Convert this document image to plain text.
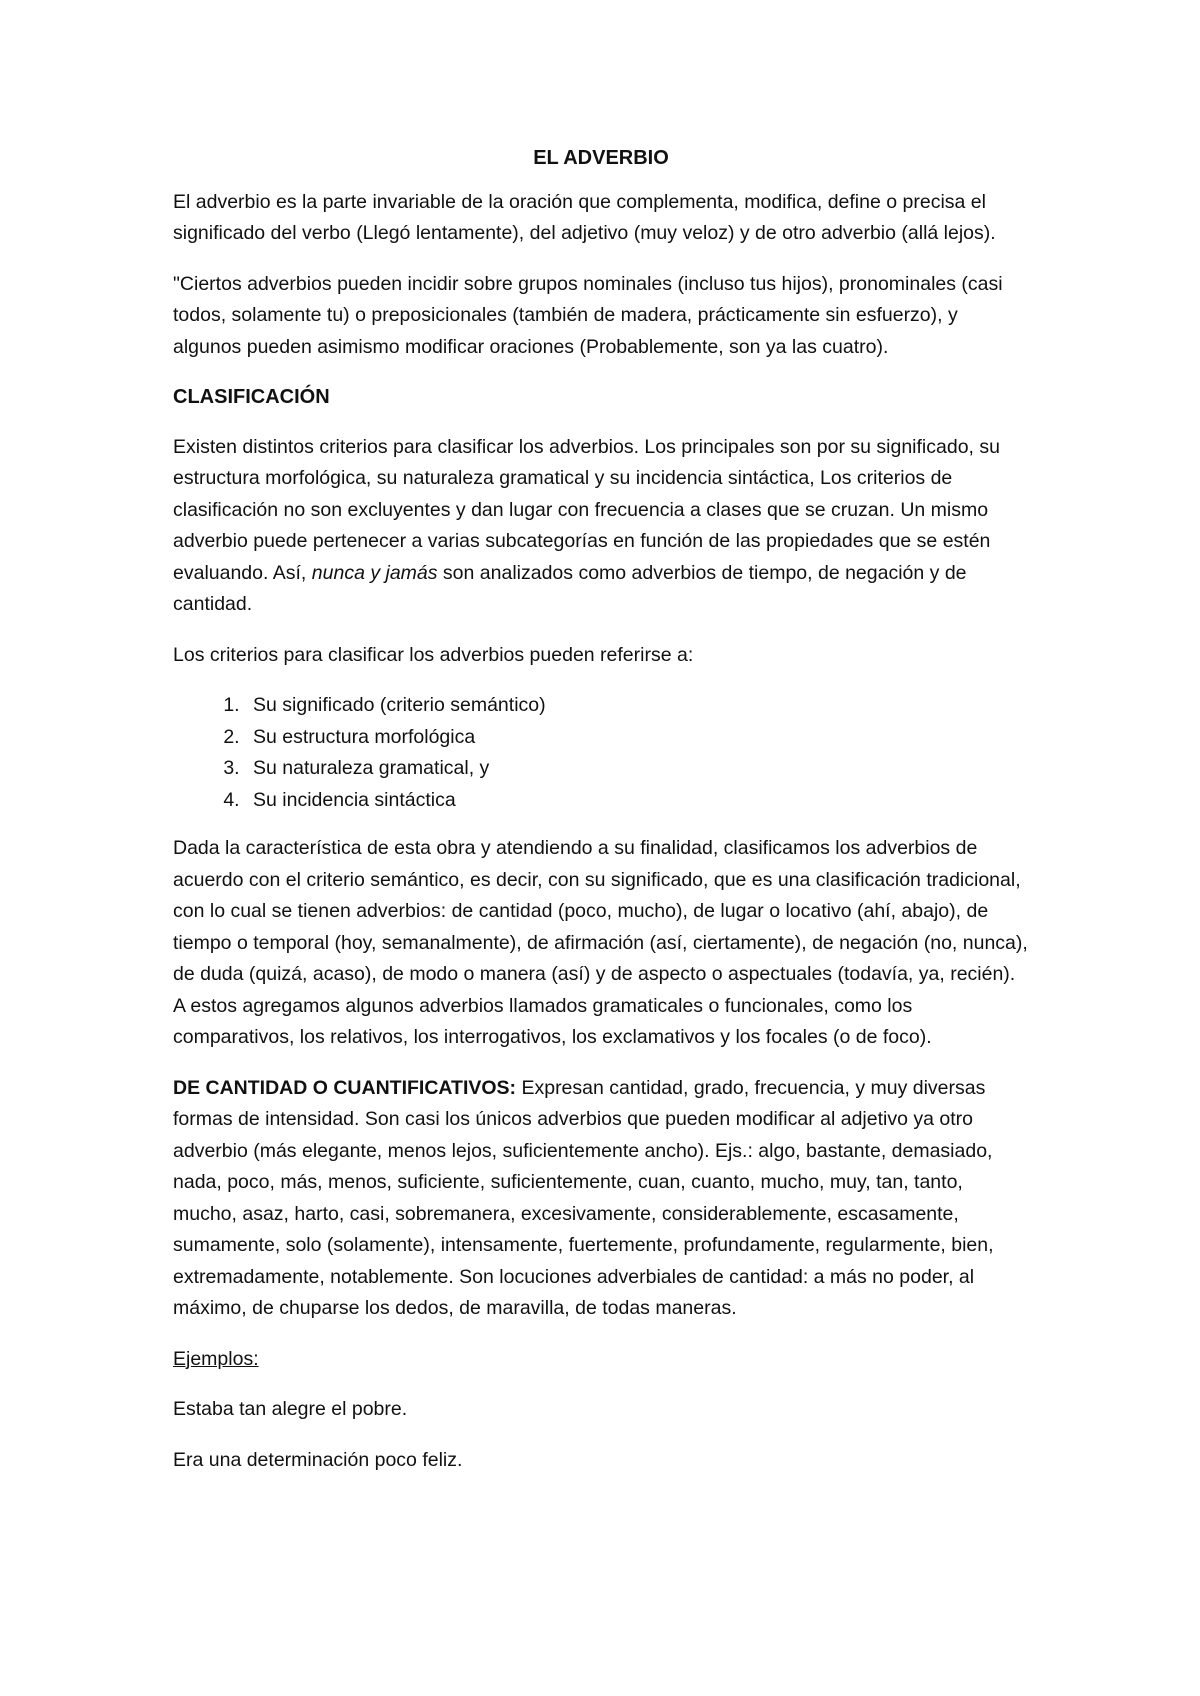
EL ADVERBIO

El adverbio es la parte invariable de la oración que complementa, modifica, define o precisa el significado del verbo (Llegó lentamente), del adjetivo (muy veloz) y de otro adverbio (allá lejos).

"Ciertos adverbios pueden incidir sobre grupos nominales (incluso tus hijos), pronominales (casi todos, solamente tu) o preposicionales (también de madera, prácticamente sin esfuerzo), y algunos pueden asimismo modificar oraciones (Probablemente, son ya las cuatro).

CLASIFICACIÓN

Existen distintos criterios para clasificar los adverbios. Los principales son por su significado, su estructura morfológica, su naturaleza gramatical y su incidencia sintáctica, Los criterios de clasificación no son excluyentes y dan lugar con frecuencia a clases que se cruzan. Un mismo adverbio puede pertenecer a varias subcategorías en función de las propiedades que se estén evaluando. Así, nunca y jamás son analizados como adverbios de tiempo, de negación y de cantidad.

Los criterios para clasificar los adverbios pueden referirse a:

1. Su significado (criterio semántico)
2. Su estructura morfológica
3. Su naturaleza gramatical, y
4. Su incidencia sintáctica

Dada la característica de esta obra y atendiendo a su finalidad, clasificamos los adverbios de acuerdo con el criterio semántico, es decir, con su significado, que es una clasificación tradicional, con lo cual se tienen adverbios: de cantidad (poco, mucho), de lugar o locativo (ahí, abajo), de tiempo o temporal (hoy, semanalmente), de afirmación (así, ciertamente), de negación (no, nunca), de duda (quizá, acaso), de modo o manera (así) y de aspecto o aspectuales (todavía, ya, recién). A estos agregamos algunos adverbios llamados gramaticales o funcionales, como los comparativos, los relativos, los interrogativos, los exclamativos y los focales (o de foco).

DE CANTIDAD O CUANTIFICATIVOS: Expresan cantidad, grado, frecuencia, y muy diversas formas de intensidad. Son casi los únicos adverbios que pueden modificar al adjetivo ya otro adverbio (más elegante, menos lejos, suficientemente ancho). Ejs.: algo, bastante, demasiado, nada, poco, más, menos, suficiente, suficientemente, cuan, cuanto, mucho, muy, tan, tanto, mucho, asaz, harto, casi, sobremanera, excesivamente, considerablemente, escasamente, sumamente, solo (solamente), intensamente, fuertemente, profundamente, regularmente, bien, extremadamente, notablemente. Son locuciones adverbiales de cantidad: a más no poder, al máximo, de chuparse los dedos, de maravilla, de todas maneras.

Ejemplos:

Estaba tan alegre el pobre.

Era una determinación poco feliz.
